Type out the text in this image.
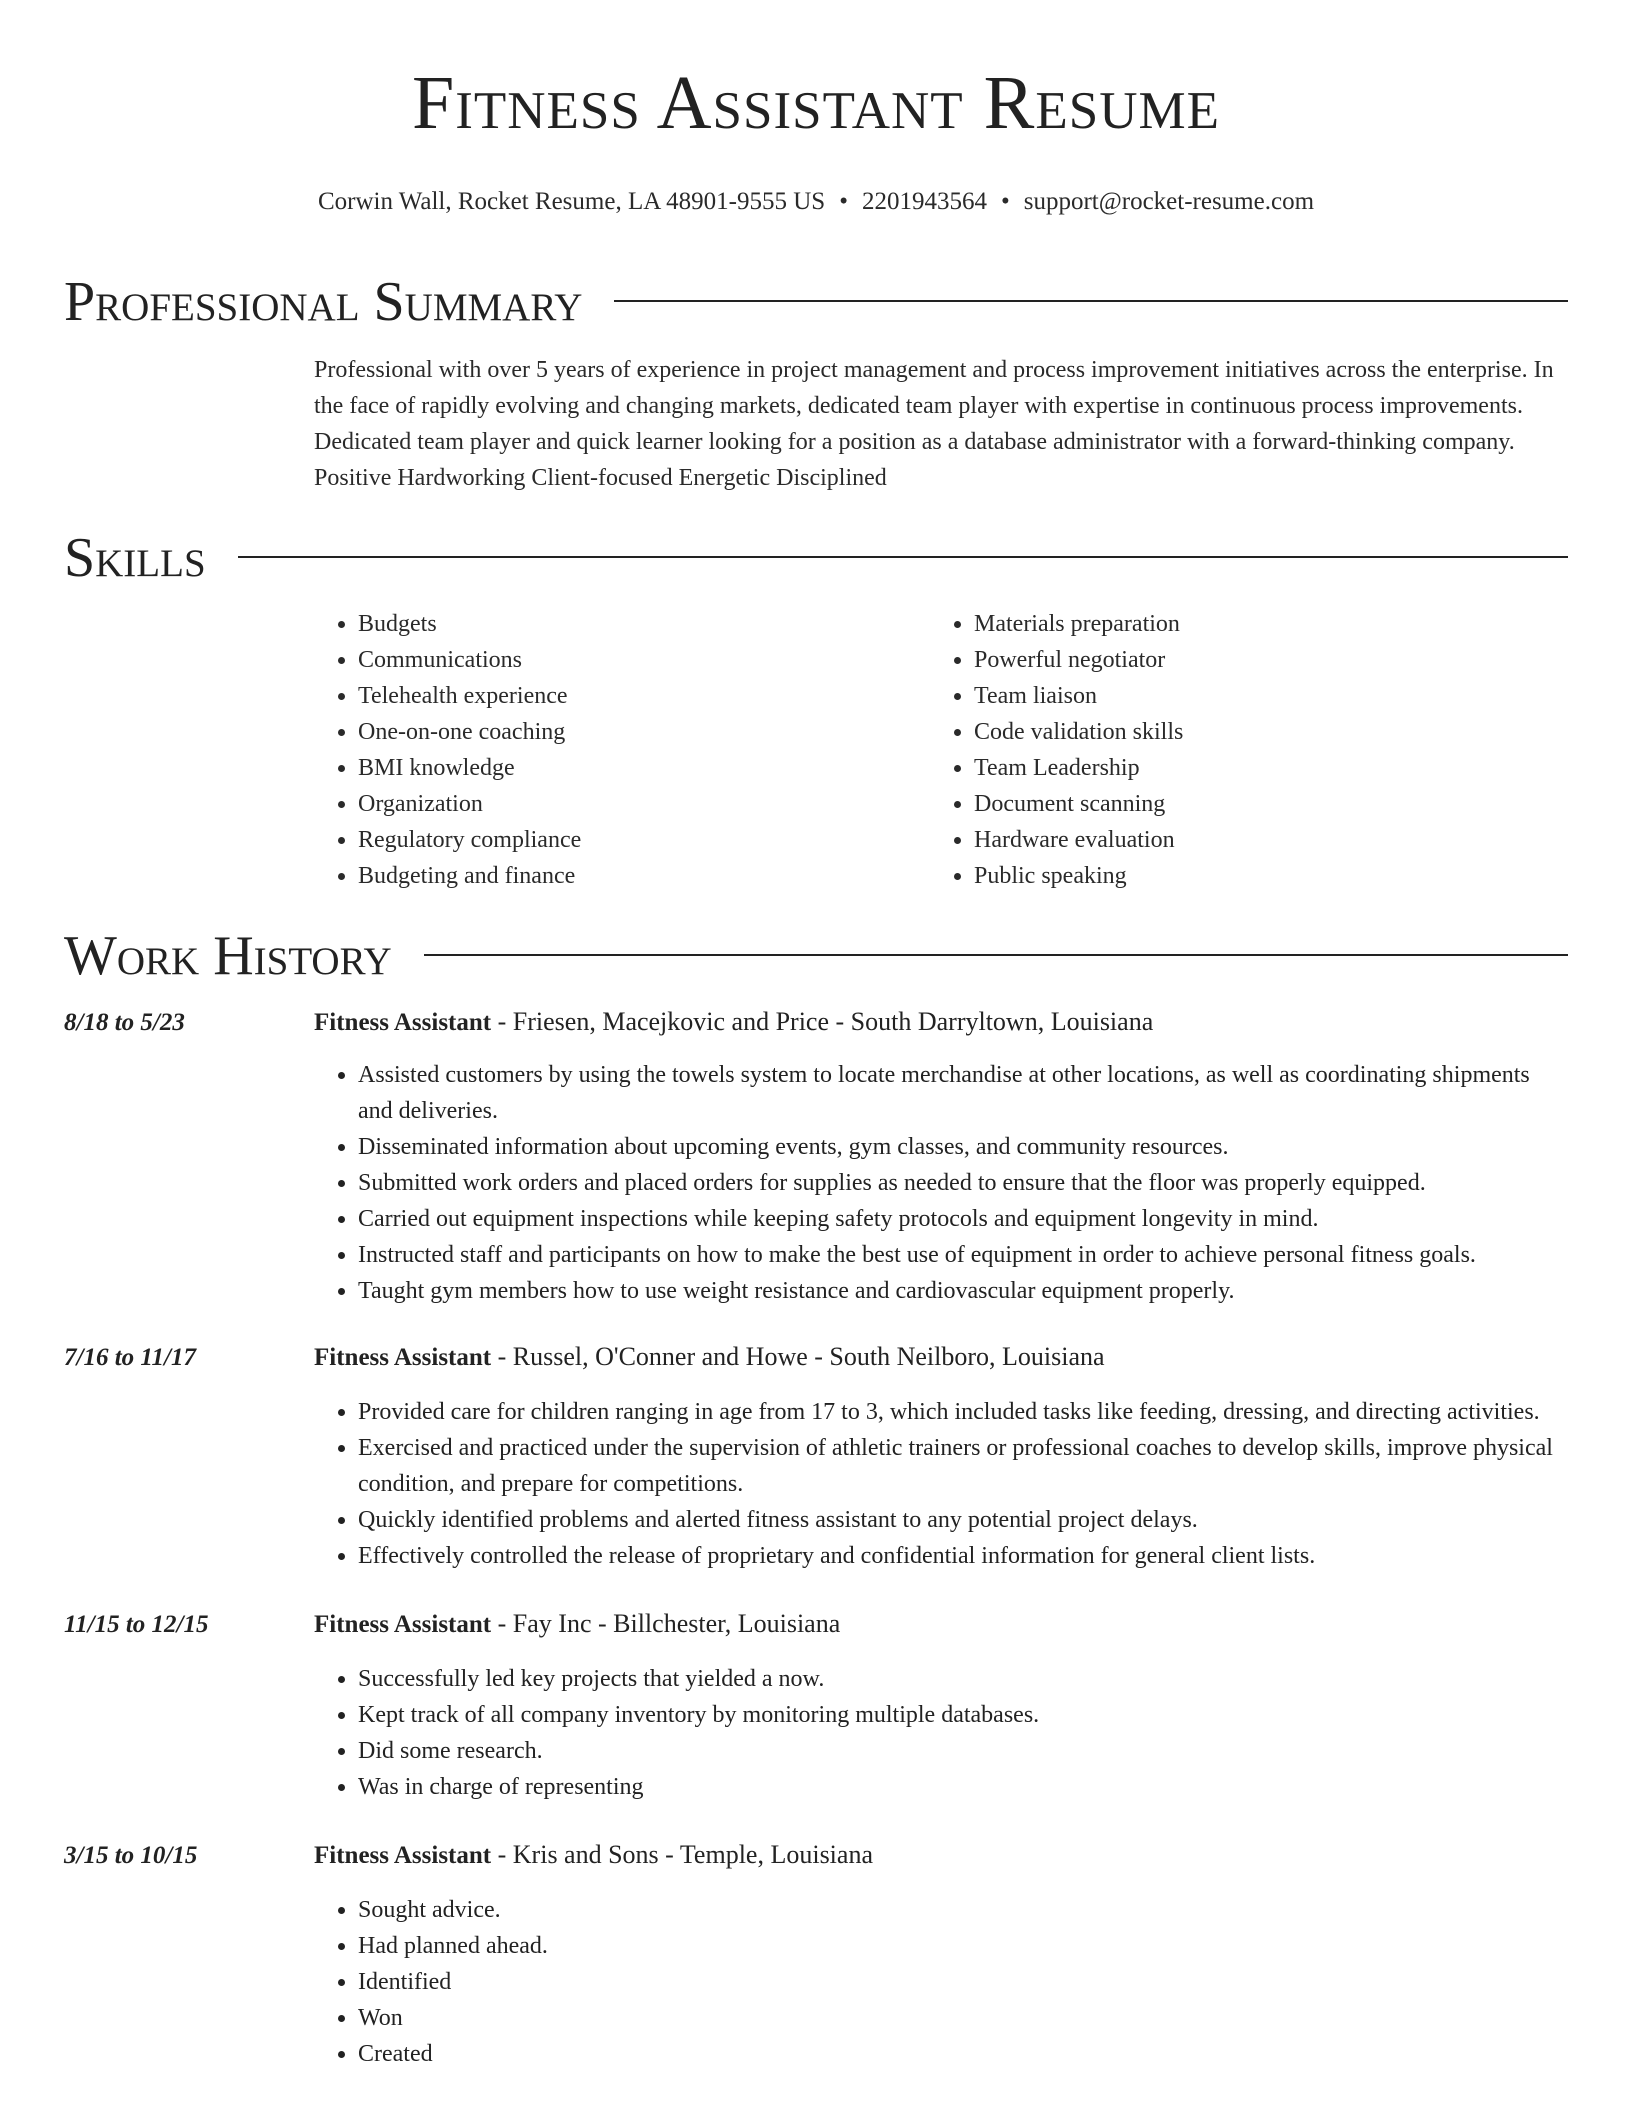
Fitness Assistant Resume
Corwin Wall, Rocket Resume, LA 48901-9555 US • 2201943564 • support@rocket-resume.com
Professional Summary
Professional with over 5 years of experience in project management and process improvement initiatives across the enterprise. In the face of rapidly evolving and changing markets, dedicated team player with expertise in continuous process improvements. Dedicated team player and quick learner looking for a position as a database administrator with a forward-thinking company. Positive Hardworking Client-focused Energetic Disciplined
Skills
• Budgets
• Communications
• Telehealth experience
• One-on-one coaching
• BMI knowledge
• Organization
• Regulatory compliance
• Budgeting and finance
• Materials preparation
• Powerful negotiator
• Team liaison
• Code validation skills
• Team Leadership
• Document scanning
• Hardware evaluation
• Public speaking
Work History
8/18 to 5/23	Fitness Assistant - Friesen, Macejkovic and Price - South Darryltown, Louisiana
• Assisted customers by using the towels system to locate merchandise at other locations, as well as coordinating shipments and deliveries.
• Disseminated information about upcoming events, gym classes, and community resources.
• Submitted work orders and placed orders for supplies as needed to ensure that the floor was properly equipped.
• Carried out equipment inspections while keeping safety protocols and equipment longevity in mind.
• Instructed staff and participants on how to make the best use of equipment in order to achieve personal fitness goals.
• Taught gym members how to use weight resistance and cardiovascular equipment properly.
7/16 to 11/17	Fitness Assistant - Russel, O'Conner and Howe - South Neilboro, Louisiana
• Provided care for children ranging in age from 17 to 3, which included tasks like feeding, dressing, and directing activities.
• Exercised and practiced under the supervision of athletic trainers or professional coaches to develop skills, improve physical condition, and prepare for competitions.
• Quickly identified problems and alerted fitness assistant to any potential project delays.
• Effectively controlled the release of proprietary and confidential information for general client lists.
11/15 to 12/15	Fitness Assistant - Fay Inc - Billchester, Louisiana
• Successfully led key projects that yielded a now.
• Kept track of all company inventory by monitoring multiple databases.
• Did some research.
• Was in charge of representing
3/15 to 10/15	Fitness Assistant - Kris and Sons - Temple, Louisiana
• Sought advice.
• Had planned ahead.
• Identified
• Won
• Created
